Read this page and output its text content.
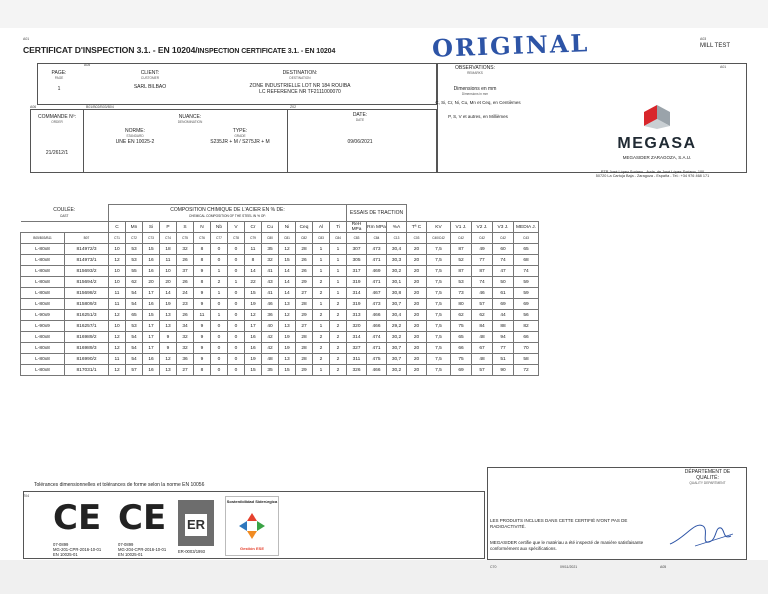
A01
CERTIFICAT D'INSPECTION 3.1. - EN 10204/INSPECTION CERTIFICATE 3.1. - EN 10204	ORIGINAL	A03
MILL TEST
A05
PAGE:
PAGE
1
CLIENT:
CUSTOMER
SARL BILBAO
DESTINATION:
DESTINATION
ZONE INDUSTRIELLE LOT NR 184 ROUIBA
LC REFERENCE NR TF2111000070
OBSERVATIONS:
REMARKS
A01
Dimensions en mm
Dimensions in mm
C, Si, Cr, Ni, Cu, Mn et Ceq, en Centièmes
P, S, V et autres, en Millièmes
A06	B01/B02/B03/B04	Z02
COMMANDE Nº:
ORDER
21/2612/1
NUANCE:
DENOMINATION
NORME:
STANDARD
UNE EN 10025-2
TYPE:
GRADE
S235JR + M / S275JR + M
DATE:
DATE
09/06/2021	MEGASA
MEGASIDER ZARAGOZA, S.A.U.
PTR José López Soriano - Avda. de José López Soriano, 100
50720 La Cartuja Baja - Zaragoza - España - Tel.: +34 976 468 171
COULÉE:
CAST		COMPOSITION CHIMIQUE DE L'ACIER EN % DE:
CHEMICAL COMPOSITION OF THE STEEL IN % OF:														ESSAIS DE TRACTION								
		C	Mn	Si	P	S	N	Nb	V	Cr	Cu	Ni	Ceq	Al	Ti	ReH MPa	Rm MPa	%A	Tª C	KV	V1 J.	V2 J.	V3 J.	MEDIA J.
B05/B03/B11	B07	C71	C72	C73	C74	C75	C76	C77	C78	C79	C80	C81	C82	C83	C84	C83	C84	C13	C03	C40/C42	C42	C42	C42	C43
L-80x8	814972/3	10	53	15	18	32	8	0	0	11	35	12	28	1	1	307	473	30,4	20	7,5	87	49	60	65
L-80x8	814973/1	12	53	16	11	26	8	0	0	8	32	15	26	1	1	305	471	30,3	20	7,5	52	77	74	68
L-80x8	815693/2	10	55	16	10	37	9	1	0	14	41	14	26	1	1	317	469	30,2	20	7,5	87	87	47	74
L-80x8	815694/2	10	62	20	20	26	8	2	1	22	43	14	29	2	1	319	471	30,1	20	7,5	53	74	50	59
L-80x8	815698/2	11	54	17	14	24	9	1	0	15	41	14	27	2	1	314	467	30,8	20	7,5	73	46	61	59
L-80x8	815809/3	11	54	16	19	23	9	0	0	19	46	13	28	1	2	319	473	30,7	20	7,5	80	57	69	69
L-90x9	816251/3	12	65	15	13	26	11	1	0	12	36	12	29	2	2	313	466	30,4	20	7,5	62	62	44	56
L-90x9	816257/1	10	53	17	13	34	9	0	0	17	40	13	27	1	2	320	466	29,2	20	7,5	75	84	88	82
L-80x8	816989/2	12	54	17	9	32	9	0	0	16	42	19	28	2	2	314	474	30,2	20	7,5	65	48	94	66
L-80x8	816989/3	12	54	17	9	32	9	0	0	16	42	19	28	2	2	327	471	30,7	20	7,5	66	67	77	70
L-80x8	816990/2	11	54	16	12	36	9	0	0	19	48	13	28	2	2	311	475	30,7	20	7,5	75	48	51	58
L-80x8	817031/1	12	57	16	13	27	8	0	0	15	35	15	29	1	2	326	466	30,2	20	7,5	69	57	90	72
Tolérances dimensionnelles et tolérances de forme selon la norme EN 10056
Z04
CE
07-0899
MG-201-CPR-2016-10-01
EN 10025-01
CE
07-0899
MG-204-CPR-2016-10-01
EN 10025-01
ER
ER-0003/1993
Sostenibilidad Siderúrgica
Gestión ESE
DÉPARTEMENT DE QUALITÉ:
QUALITY DEPARTMENT
LES PRODUITS INCLUES DANS CETTE CERTIFIÉ N'ONT PAS DE RADIOACTIVITÉ.
MEGASIDER certifie que le matériau a été inspecté de manière satisfaisante conformément aux spécifications.
C70	09/11/2021	A05
